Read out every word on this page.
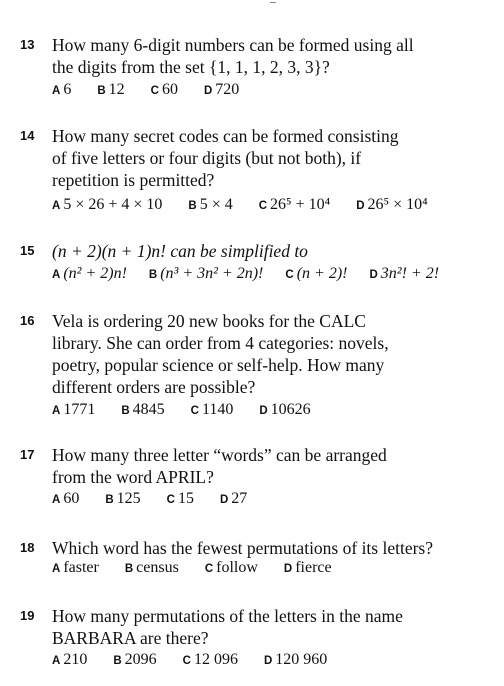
13 How many 6-digit numbers can be formed using all
the digits from the set {1, 1, 1, 2, 3, 3}?
A 6 B 12 C 60 D 720
14 How many secret codes can be formed consisting
of five letters or four digits (but not both), if
repetition is permitted?
A 5 × 26 + 4 × 10 B 5 × 4 C 26⁵ + 10⁴ D 26⁵ × 10⁴
15 (n + 2)(n + 1)n! can be simplified to
A (n² + 2)n! B (n³ + 3n² + 2n)! C (n + 2)! D 3n²! + 2!
16 Vela is ordering 20 new books for the CALC
library. She can order from 4 categories: novels,
poetry, popular science or self-help. How many
different orders are possible?
A 1771 B 4845 C 1140 D 10626
17 How many three letter “words” can be arranged
from the word APRIL?
A 60 B 125 C 15 D 27
18 Which word has the fewest permutations of its letters?
A faster B census C follow D fierce
19 How many permutations of the letters in the name
BARBARA are there?
A 210 B 2096 C 12 096 D 120 960
